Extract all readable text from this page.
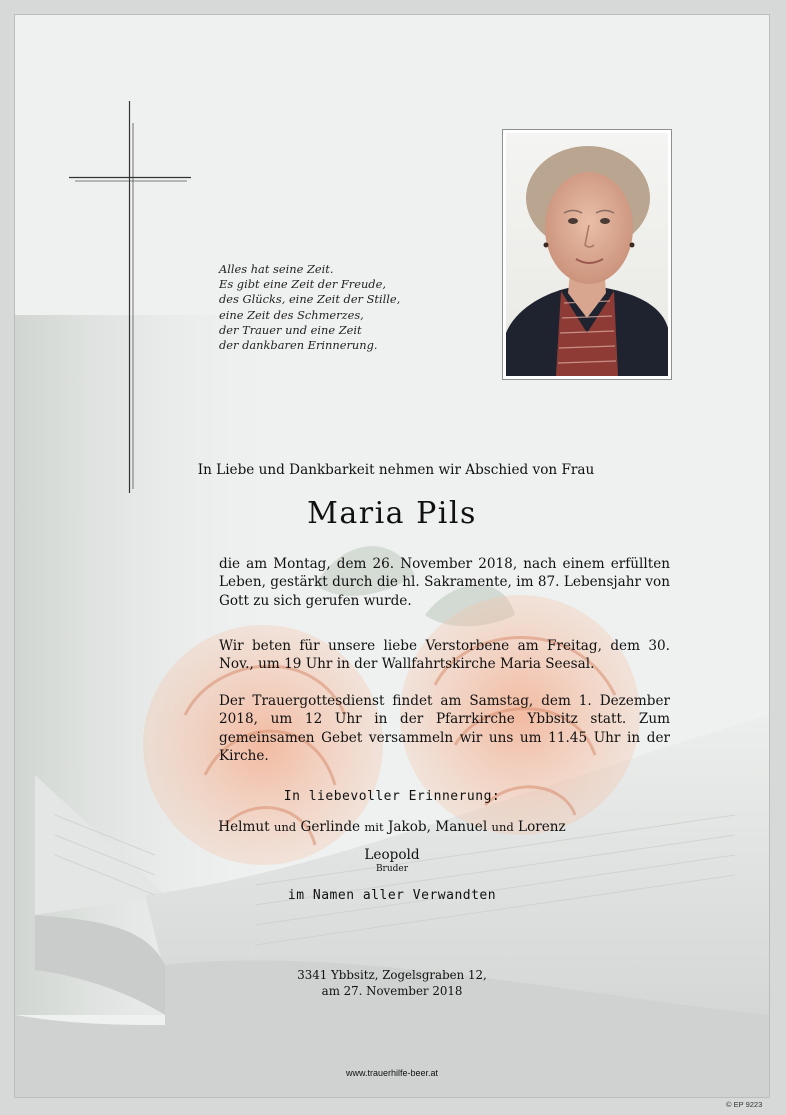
Alles hat seine Zeit.
Es gibt eine Zeit der Freude,
des Glücks, eine Zeit der Stille,
eine Zeit des Schmerzes,
der Trauer und eine Zeit
der dankbaren Erinnerung.
In Liebe und Dankbarkeit nehmen wir Abschied von Frau
Maria Pils
die am Montag, dem 26. November 2018, nach einem erfüllten Leben, gestärkt durch die hl. Sakramente, im 87. Lebensjahr von Gott zu sich gerufen wurde.
Wir beten für unsere liebe Verstorbene am Freitag, dem 30. Nov., um 19 Uhr in der Wallfahrtskirche Maria Seesal.
Der Trauergottesdienst findet am Samstag, dem 1. Dezember 2018, um 12 Uhr in der Pfarrkirche Ybbsitz statt. Zum gemeinsamen Gebet versammeln wir uns um 11.45 Uhr in der Kirche.
In liebevoller Erinnerung:
Helmut und Gerlinde mit Jakob, Manuel und Lorenz
Leopold
Bruder
im Namen aller Verwandten
3341 Ybbsitz, Zogelsgraben 12,
am 27. November 2018
www.trauerhilfe-beer.at
© EP 9223
